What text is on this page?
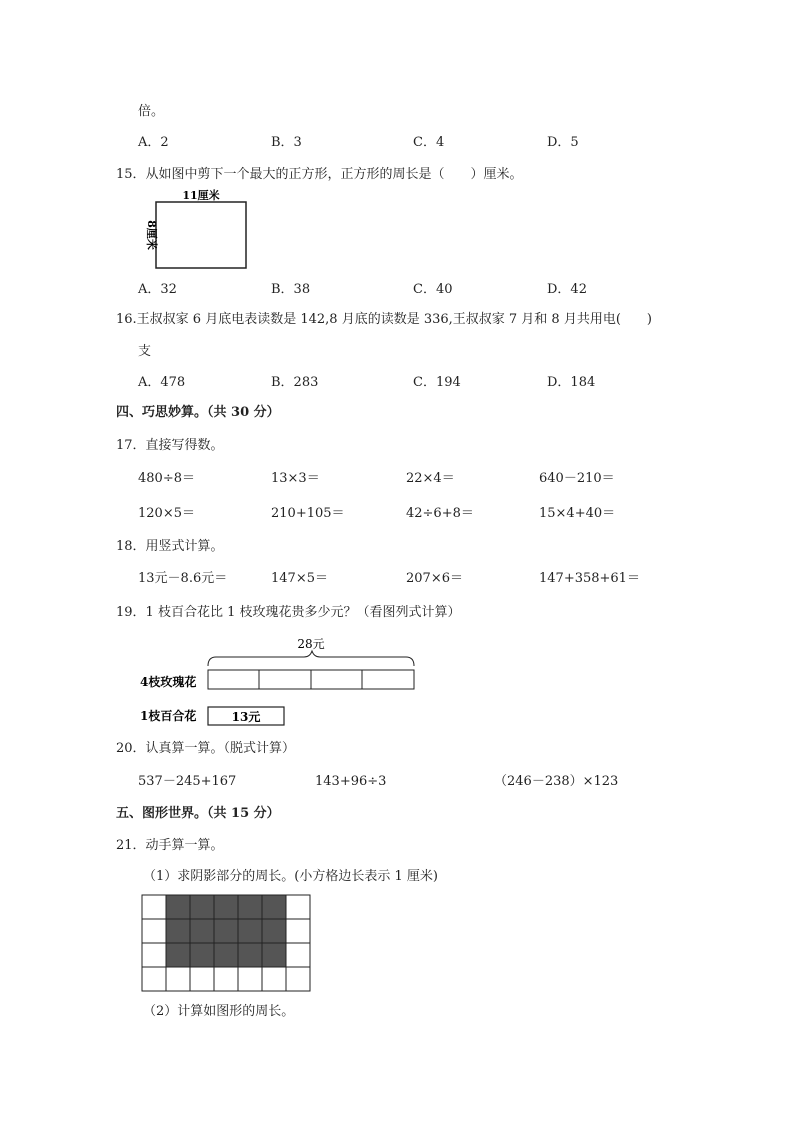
倍。
A．2	B．3	C．4	D．5
15．从如图中剪下一个最大的正方形，正方形的周长是（　　）厘米。
11厘米
8厘米
A．32	B．38	C．40	D．42
16.王叔叔家 6 月底电表读数是 142,8 月底的读数是 336,王叔叔家 7 月和 8 月共用电(　　)
支
A．478	B．283	C．194	D．184
四、巧思妙算。（共 30 分）
17．直接写得数。
480÷8＝	13×3＝	22×4＝	640－210＝
120×5＝	210+105＝	42÷6+8＝	15×4+40＝
18．用竖式计算。
13元－8.6元＝	147×5＝	207×6＝	147+358+61＝
19．1 枝百合花比 1 枝玫瑰花贵多少元？（看图列式计算）
28元
4枝玫瑰花
1枝百合花	13元
20．认真算一算。（脱式计算）
537－245+167	143+96÷3	（246－238）×123
五、图形世界。（共 15 分）
21．动手算一算。
（1）求阴影部分的周长。(小方格边长表示 1 厘米)
（2）计算如图形的周长。
